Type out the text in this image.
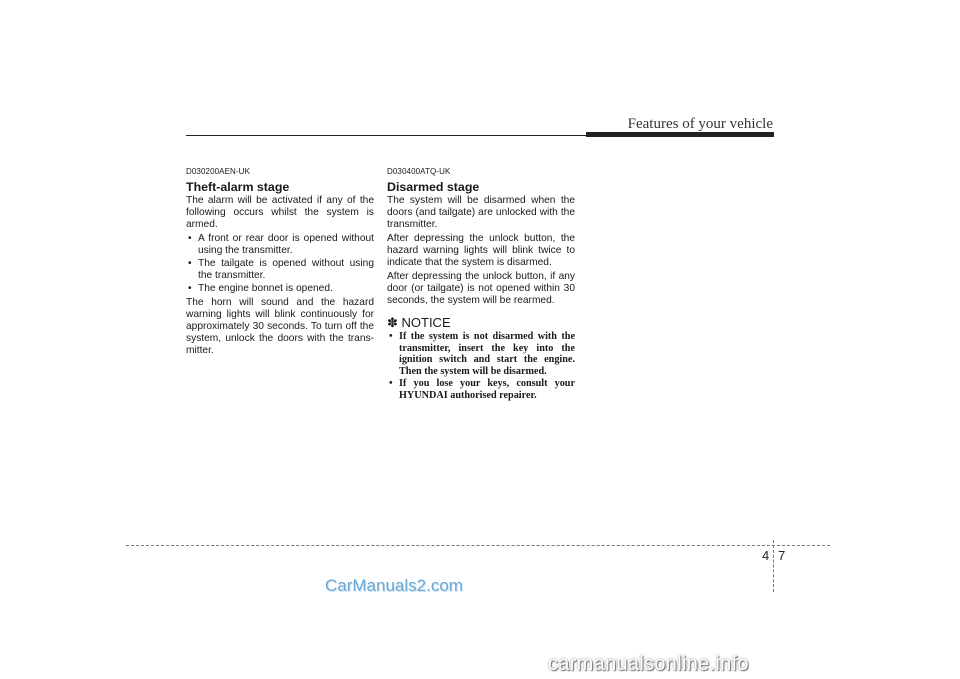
Features of your vehicle
D030200AEN-UK
Theft-alarm stage

The alarm will be activated if any of the following occurs whilst the system is armed.

• A front or rear door is opened without using the transmitter.
• The tailgate is opened without using the transmitter.
• The engine bonnet is opened.

The horn will sound and the hazard warning lights will blink continuously for approximately 30 seconds. To turn off the system, unlock the doors with the trans- mitter.

D030400ATQ-UK
Disarmed stage

The system will be disarmed when the doors (and tailgate) are unlocked with the transmitter.

After depressing the unlock button, the hazard warning lights will blink twice to indicate that the system is disarmed.

After depressing the unlock button, if any door (or tailgate) is not opened within 30 seconds, the system will be rearmed.

✽ NOTICE
• If the system is not disarmed with the transmitter, insert the key into the ignition switch and start the engine. Then the system will be disarmed.
• If you lose your keys, consult your HYUNDAI authorised repairer.
4 7
CarManuals2.com
carmanualsonline.info
